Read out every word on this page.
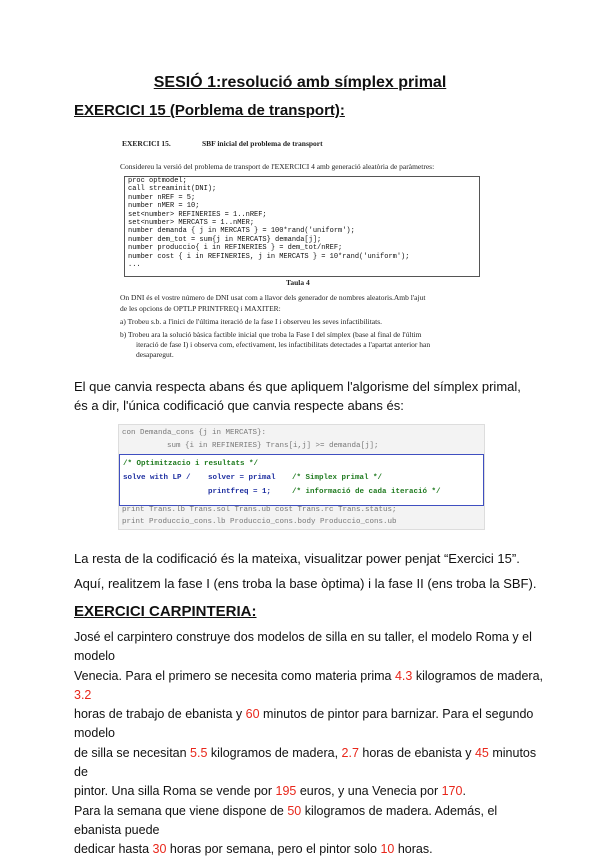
SESIÓ 1:resolució amb símplex primal
EXERCICI 15 (Porblema de transport):
EXERCICI 15.	SBF inicial del problema de transport
Considereu la versió del problema de transport de l'EXERCICI 4 amb generació aleatòria de paràmetres:
proc optmodel;
call streaminit(DNI);
number nREF = 5;
number nMER = 10;
set<number> REFINERIES = 1..nREF;
set<number> MERCATS = 1..nMER;
number demanda { j in MERCATS } = 100*rand('uniform');
number dem_tot = sum{j in MERCATS} demanda[j];
number produccio{ i in REFINERIES } = dem_tot/nREF;
number cost { i in REFINERIES, j in MERCATS } = 10*rand('uniform');
...
Taula 4
On DNI és el vostre número de DNI usat com a llavor dels generador de nombres aleatoris.Amb l'ajut
de les opcions de OPTLP PRINTFREQ i MAXITER:
a) Trobeu s.b. a l'inici de l'última iteració de la fase I i observeu les seves infactibilitats.
b) Trobeu ara la solució bàsica factible inicial que troba la Fase I del símplex (base al final de l'últim
iteració de fase I) i observa com, efectivament, les infactibilitats detectades a l'apartat anterior han
desaparegut.
El que canvia respecta abans és que apliquem l'algorisme del símplex primal, és a dir, l'única codificació que canvia respecte abans és:
con Demanda_cons {j in MERCATS}:
sum {i in REFINERIES} Trans[i,j] >= demanda[j];
/* Optimitzacio i resultats */
solve with LP / solver = primal /* Simplex primal */
printfreq = 1;	/* informació de cada iteració */
print Trans.lb Trans.sol Trans.ub cost Trans.rc Trans.status;
print Produccio_cons.lb Produccio_cons.body Produccio_cons.ub
La resta de la codificació és la mateixa, visualitzar power penjat “Exercici 15”.
Aquí, realitzem la fase I (ens troba la base òptima) i la fase II (ens troba la SBF).
EXERCICI CARPINTERIA:
José el carpintero construye dos modelos de silla en su taller, el modelo Roma y el modelo
Venecia. Para el primero se necesita como materia prima 4.3 kilogramos de madera, 3.2
horas de trabajo de ebanista y 60 minutos de pintor para barnizar. Para el segundo modelo
de silla se necesitan 5.5 kilogramos de madera, 2.7 horas de ebanista y 45 minutos de
pintor. Una silla Roma se vende por 195 euros, y una Venecia por 170.
Para la semana que viene dispone de 50 kilogramos de madera. Además, el ebanista puede
dedicar hasta 30 horas por semana, pero el pintor solo 10 horas.
